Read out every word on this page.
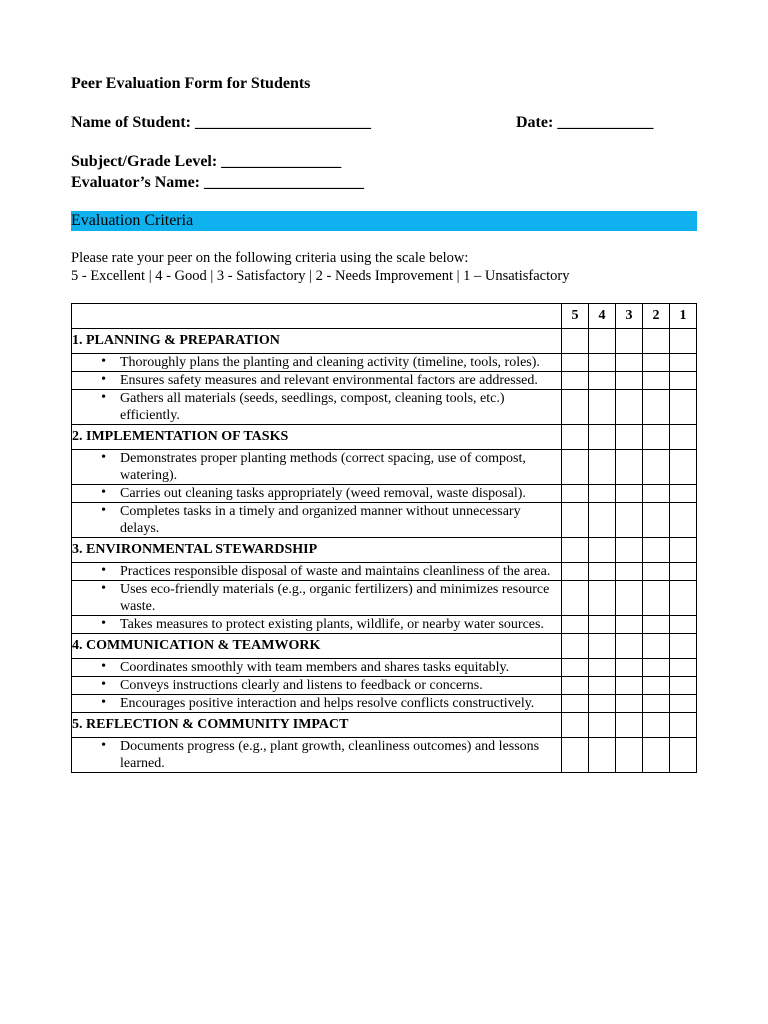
Peer Evaluation Form for Students
Name of Student: ______________________	Date: ____________
Subject/Grade Level: _______________
Evaluator’s Name: ____________________
Evaluation Criteria
Please rate your peer on the following criteria using the scale below:
5 - Excellent | 4 - Good | 3 - Satisfactory | 2 - Needs Improvement | 1 – Unsatisfactory
	5	4	3	2	1
1. PLANNING & PREPARATION					

• Thoroughly plans the planting and cleaning activity (timeline, tools, roles).					

• Ensures safety measures and relevant environmental factors are addressed.					

• Gathers all materials (seeds, seedlings, compost, cleaning tools, etc.) efficiently.					

2. IMPLEMENTATION OF TASKS					

• Demonstrates proper planting methods (correct spacing, use of compost, watering).					

• Carries out cleaning tasks appropriately (weed removal, waste disposal).					

• Completes tasks in a timely and organized manner without unnecessary delays.					

3. ENVIRONMENTAL STEWARDSHIP					

• Practices responsible disposal of waste and maintains cleanliness of the area.					

• Uses eco-friendly materials (e.g., organic fertilizers) and minimizes resource waste.					

• Takes measures to protect existing plants, wildlife, or nearby water sources.					

4. COMMUNICATION & TEAMWORK					

• Coordinates smoothly with team members and shares tasks equitably.					

• Conveys instructions clearly and listens to feedback or concerns.					

• Encourages positive interaction and helps resolve conflicts constructively.					

5. REFLECTION & COMMUNITY IMPACT					

• Documents progress (e.g., plant growth, cleanliness outcomes) and lessons learned.					
